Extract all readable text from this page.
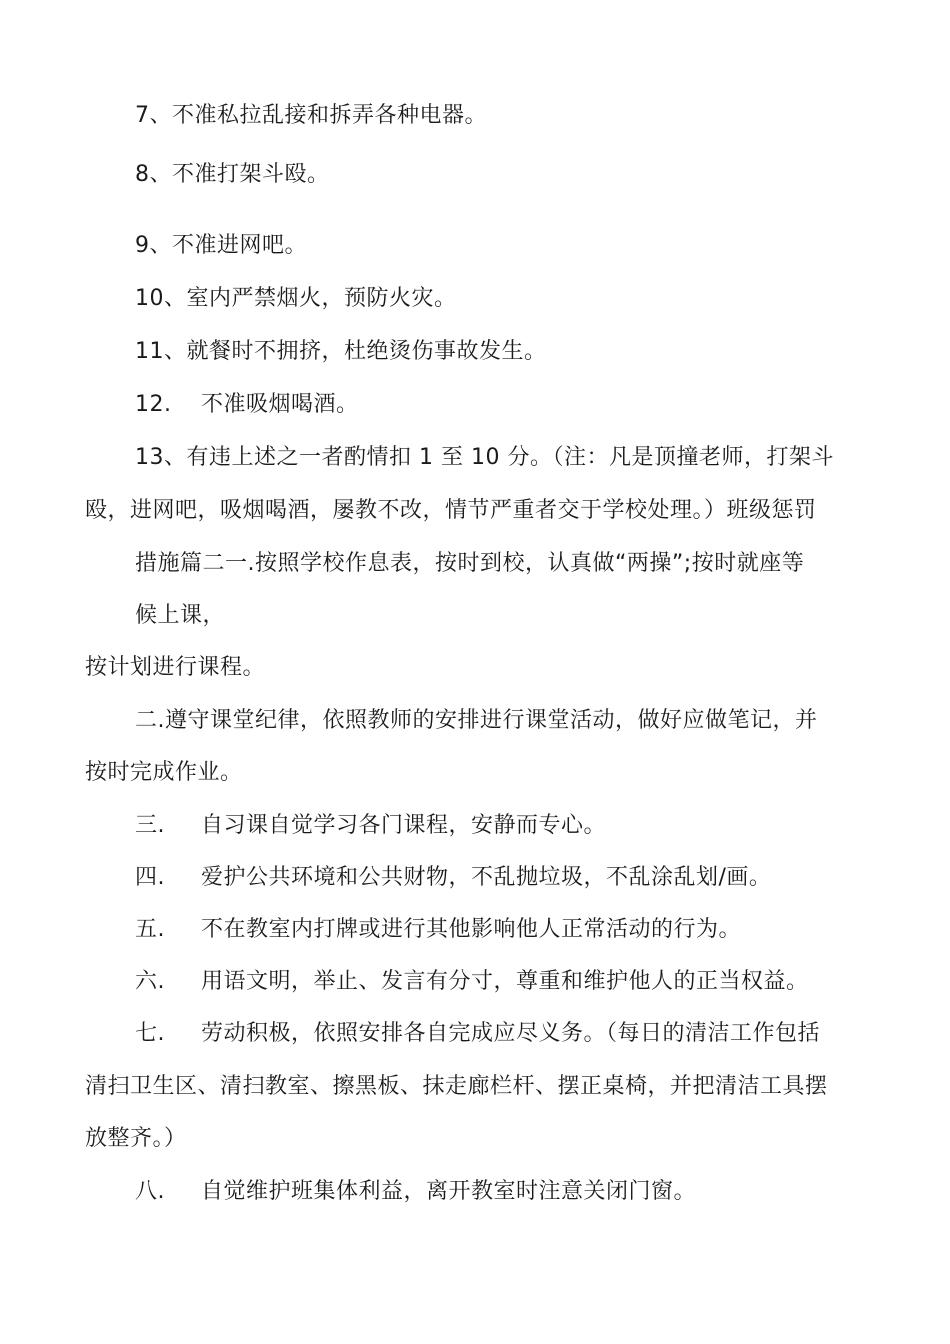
7、不准私拉乱接和拆弄各种电器。
8、不准打架斗殴。
9、不准进网吧。
10、室内严禁烟火，预防火灾。
11、就餐时不拥挤，杜绝烫伤事故发生。
12. 不准吸烟喝酒。
13、有违上述之一者酌情扣 1 至 10 分。（注：凡是顶撞老师，打架斗
殴，进网吧，吸烟喝酒，屡教不改，情节严重者交于学校处理。）班级惩罚
措施篇二一.按照学校作息表，按时到校，认真做“两操”;按时就座等
候上课，
按计划进行课程。
二.遵守课堂纪律，依照教师的安排进行课堂活动，做好应做笔记，并
按时完成作业。
三. 自习课自觉学习各门课程，安静而专心。
四. 爱护公共环境和公共财物，不乱抛垃圾，不乱涂乱划/画。
五. 不在教室内打牌或进行其他影响他人正常活动的行为。
六. 用语文明，举止、发言有分寸，尊重和维护他人的正当权益。
七. 劳动积极，依照安排各自完成应尽义务。（每日的清洁工作包括
清扫卫生区、清扫教室、擦黑板、抹走廊栏杆、摆正桌椅，并把清洁工具摆
放整齐。）
八. 自觉维护班集体利益，离开教室时注意关闭门窗。
